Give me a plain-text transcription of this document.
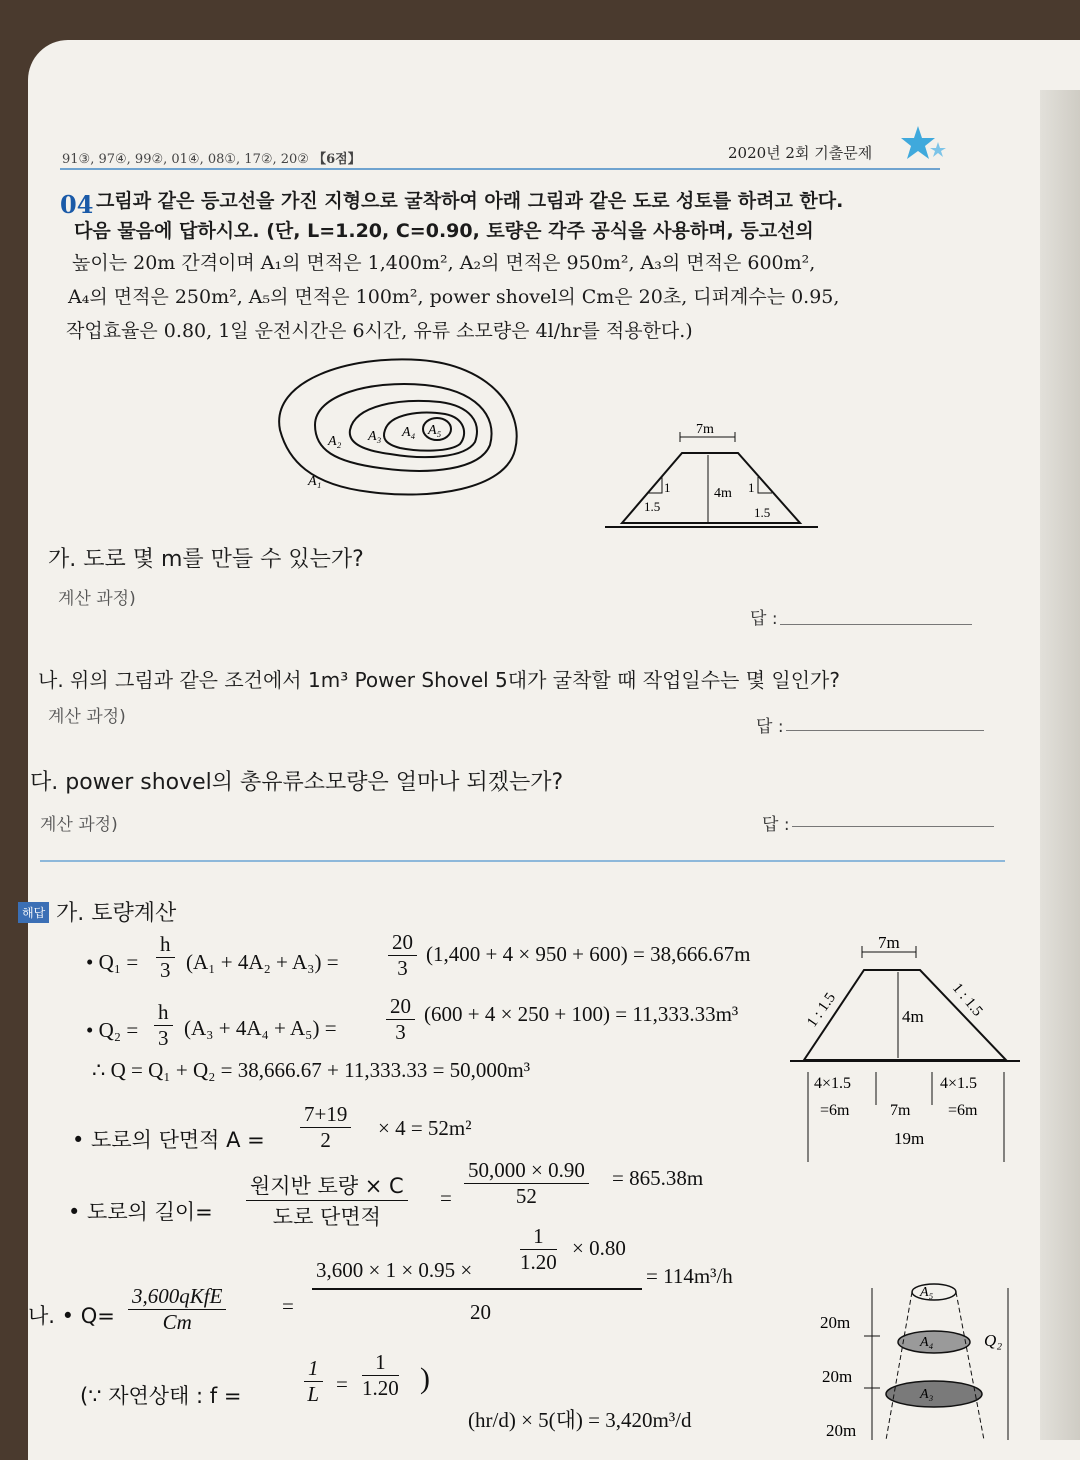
91③, 97④, 99②, 01④, 08①, 17②, 20② 【6점】	2020년 2회 기출문제
04 그림과 같은 등고선을 가진 지형으로 굴착하여 아래 그림과 같은 도로 성토를 하려고 한다.
다음 물음에 답하시오. (단, L=1.20, C=0.90, 토량은 각주 공식을 사용하며, 등고선의
높이는 20m 간격이며 A₁의 면적은 1,400m², A₂의 면적은 950m², A₃의 면적은 600m²,
A₄의 면적은 250m², A₅의 면적은 100m², power shovel의 Cm은 20초, 디퍼계수는 0.95,
작업효율은 0.80, 1일 운전시간은 6시간, 유류 소모량은 4l/hr를 적용한다.)
A₁
A₂ A₃ A₄ A₅	7m
4m
1
1.5
1
1.5
가. 도로 몇 m를 만들 수 있는가?
계산 과정)
답 :
나. 위의 그림과 같은 조건에서 1m³ Power Shovel 5대가 굴착할 때 작업일수는 몇 일인가?
계산 과정)	답 :
다. power shovel의 총유류소모량은 얼마나 되겠는가?
계산 과정)	답 :
해답 가. 토량계산
• $Q_1 = \frac{h}{3} (A_1 + 4A_2 + A_3) = \frac{20}{3} (1,400 + 4 \times 950 + 600) = 38,666.67m$
• $Q_2 = \frac{h}{3} (A_3 + 4A_4 + A_5) = \frac{20}{3} (600 + 4 \times 250 + 100) = 11,333.33m^3$
∴ Q = Q₁ + Q₂ = 38,666.67 + 11,333.33 = 50,000m³
• 도로의 단면적 $A = \frac{7+19}{2} \times 4 = 52m^2$
• 도로의 길이=
원지반 토량 × C
도로 단면적
= $\frac{50,000 \times 0.90}{52} = 865.38m$
나. • Q=
3,600qKfE
Cm
=
$3,600 \times 1 \times 0.95 \times \frac{1}{1.20} \times 0.80$
20
= 114m³/h
(∵ 자연상태 : f =	$\frac{1}{L} = \frac{1}{1.20}$ )
(hr/d) × 5(대) = 3,420m³/d
7m
4m
1 : 1.5	1 : 1.5
4×1.5
=6m	7m
4×1.5
=6m
19m
A₅
A₄
A₃
20m
20m
20m
Q₂
